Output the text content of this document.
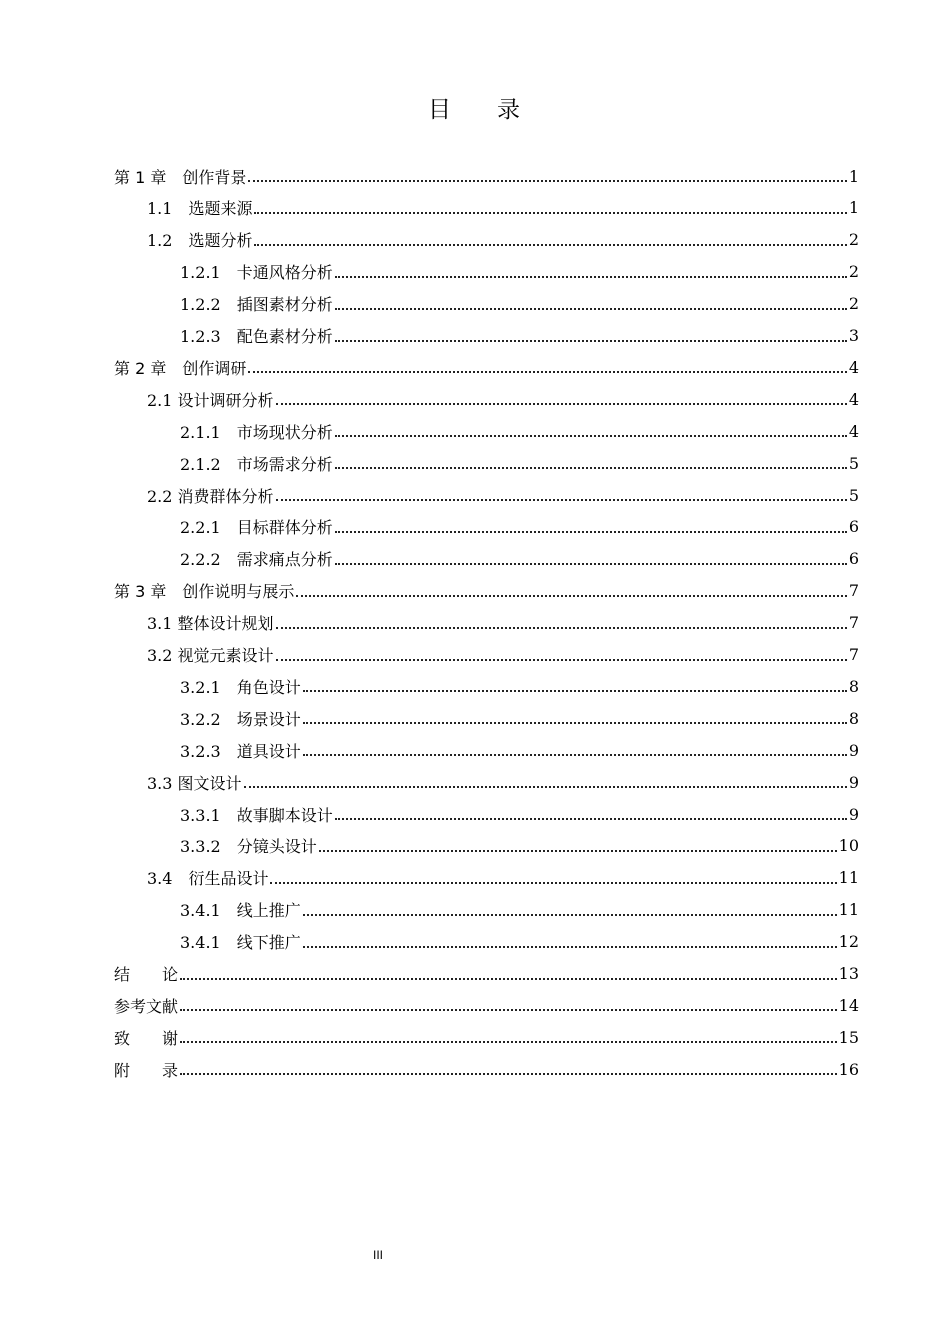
目 录
第 1 章　创作背景	1
1.1　选题来源	1
1.2　选题分析	2
1.2.1　卡通风格分析	2
1.2.2　插图素材分析	2
1.2.3　配色素材分析	3
第 2 章　创作调研	4
2.1 设计调研分析	4
2.1.1　市场现状分析	4
2.1.2　市场需求分析	5
2.2 消费群体分析	5
2.2.1　目标群体分析	6
2.2.2　需求痛点分析	6
第 3 章　创作说明与展示	7
3.1 整体设计规划	7
3.2 视觉元素设计	7
3.2.1　角色设计	8
3.2.2　场景设计	8
3.2.3　道具设计	9
3.3 图文设计	9
3.3.1　故事脚本设计	9
3.3.2　分镜头设计	10
3.4　衍生品设计	11
3.4.1　线上推广	11
3.4.1　线下推广	12
结　　论	13
参考文献	14
致　　谢	15
附　　录	16
III
